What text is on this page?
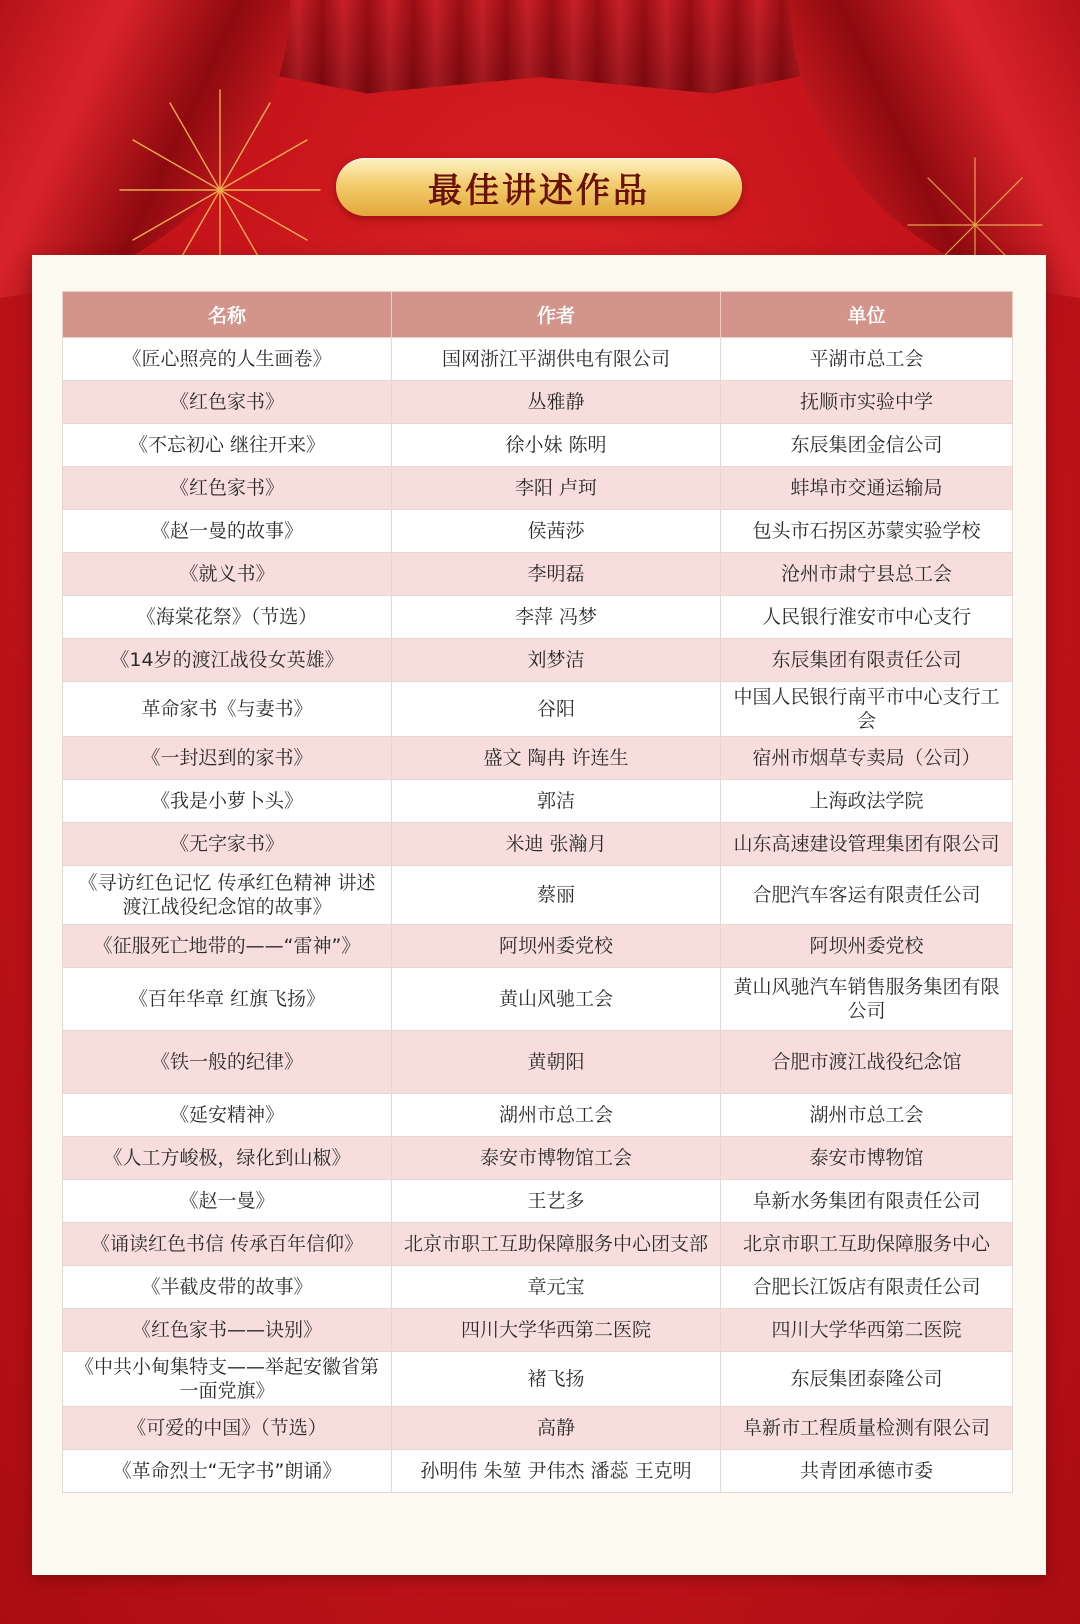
最佳讲述作品
名称	作者	单位
《匠心照亮的人生画卷》	国网浙江平湖供电有限公司	平湖市总工会
《红色家书》	丛雅静	抚顺市实验中学
《不忘初心 继往开来》	徐小妹 陈明	东辰集团金信公司
《红色家书》	李阳 卢珂	蚌埠市交通运输局
《赵一曼的故事》	侯茜莎	包头市石拐区苏蒙实验学校
《就义书》	李明磊	沧州市肃宁县总工会
《海棠花祭》（节选）	李萍 冯梦	人民银行淮安市中心支行
《14岁的渡江战役女英雄》	刘梦洁	东辰集团有限责任公司
革命家书《与妻书》	谷阳	中国人民银行南平市中心支行工会
《一封迟到的家书》	盛文 陶冉 许连生	宿州市烟草专卖局（公司）
《我是小萝卜头》	郭洁	上海政法学院
《无字家书》	米迪 张瀚月	山东高速建设管理集团有限公司
《寻访红色记忆 传承红色精神 讲述渡江战役纪念馆的故事》	蔡丽	合肥汽车客运有限责任公司
《征服死亡地带的——“雷神”》	阿坝州委党校	阿坝州委党校
《百年华章 红旗飞扬》	黄山风驰工会	黄山风驰汽车销售服务集团有限公司
《铁一般的纪律》	黄朝阳	合肥市渡江战役纪念馆
《延安精神》	湖州市总工会	湖州市总工会
《人工方峻极，绿化到山椒》	泰安市博物馆工会	泰安市博物馆
《赵一曼》	王艺多	阜新水务集团有限责任公司
《诵读红色书信 传承百年信仰》	北京市职工互助保障服务中心团支部	北京市职工互助保障服务中心
《半截皮带的故事》	章元宝	合肥长江饭店有限责任公司
《红色家书——诀别》	四川大学华西第二医院	四川大学华西第二医院
《中共小甸集特支——举起安徽省第一面党旗》	褚飞扬	东辰集团泰隆公司
《可爱的中国》（节选）	高静	阜新市工程质量检测有限公司
《革命烈士“无字书”朗诵》	孙明伟 朱堃 尹伟杰 潘蕊 王克明	共青团承德市委
